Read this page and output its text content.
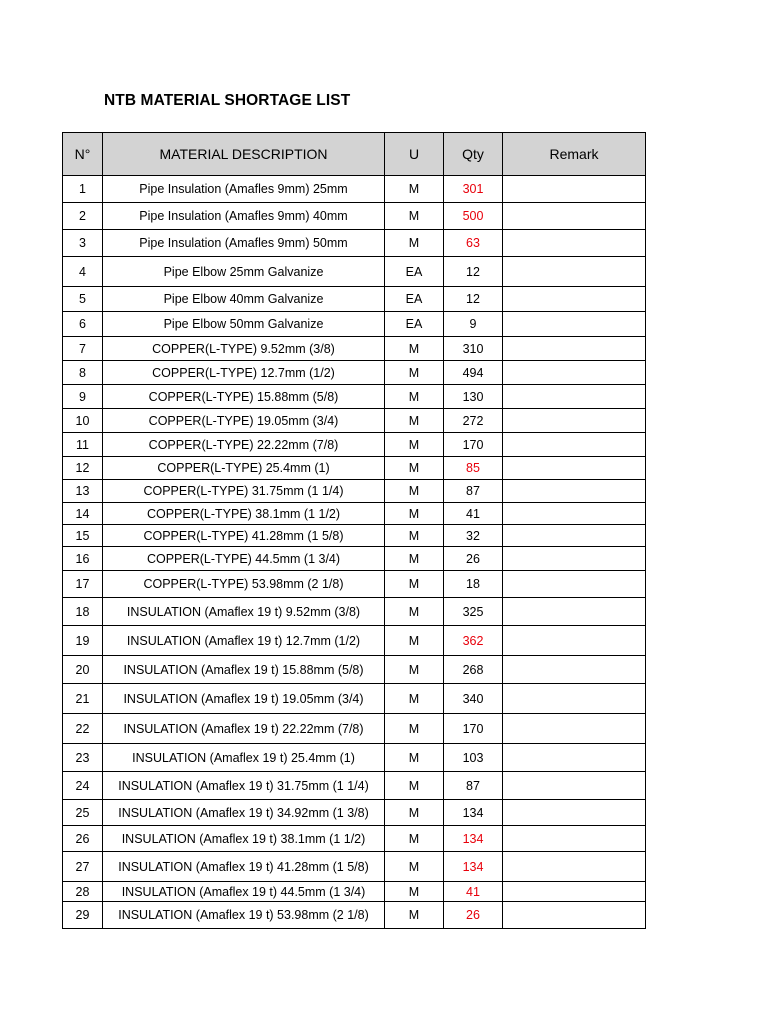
NTB MATERIAL SHORTAGE LIST
N°	MATERIAL DESCRIPTION	U	Qty	Remark
1	Pipe Insulation (Amafles 9mm) 25mm	M	301	
2	Pipe Insulation (Amafles 9mm) 40mm	M	500	
3	Pipe Insulation (Amafles 9mm) 50mm	M	63	
4	Pipe Elbow 25mm Galvanize	EA	12	
5	Pipe Elbow 40mm Galvanize	EA	12	
6	Pipe Elbow 50mm Galvanize	EA	9	
7	COPPER(L-TYPE) 9.52mm (3/8)	M	310	
8	COPPER(L-TYPE) 12.7mm (1/2)	M	494	
9	COPPER(L-TYPE) 15.88mm (5/8)	M	130	
10	COPPER(L-TYPE) 19.05mm (3/4)	M	272	
11	COPPER(L-TYPE) 22.22mm (7/8)	M	170	
12	COPPER(L-TYPE) 25.4mm (1)	M	85	
13	COPPER(L-TYPE) 31.75mm (1 1/4)	M	87	
14	COPPER(L-TYPE) 38.1mm (1 1/2)	M	41	
15	COPPER(L-TYPE) 41.28mm (1 5/8)	M	32	
16	COPPER(L-TYPE) 44.5mm (1 3/4)	M	26	
17	COPPER(L-TYPE) 53.98mm (2 1/8)	M	18	
18	INSULATION (Amaflex 19 t) 9.52mm (3/8)	M	325	
19	INSULATION (Amaflex 19 t) 12.7mm (1/2)	M	362	
20	INSULATION (Amaflex 19 t) 15.88mm (5/8)	M	268	
21	INSULATION (Amaflex 19 t) 19.05mm (3/4)	M	340	
22	INSULATION (Amaflex 19 t) 22.22mm (7/8)	M	170	
23	INSULATION (Amaflex 19 t) 25.4mm (1)	M	103	
24	INSULATION (Amaflex 19 t) 31.75mm (1 1/4)	M	87	
25	INSULATION (Amaflex 19 t) 34.92mm (1 3/8)	M	134	
26	INSULATION (Amaflex 19 t) 38.1mm (1 1/2)	M	134	
27	INSULATION (Amaflex 19 t) 41.28mm (1 5/8)	M	134	
28	INSULATION (Amaflex 19 t) 44.5mm (1 3/4)	M	41	
29	INSULATION (Amaflex 19 t) 53.98mm (2 1/8)	M	26	
